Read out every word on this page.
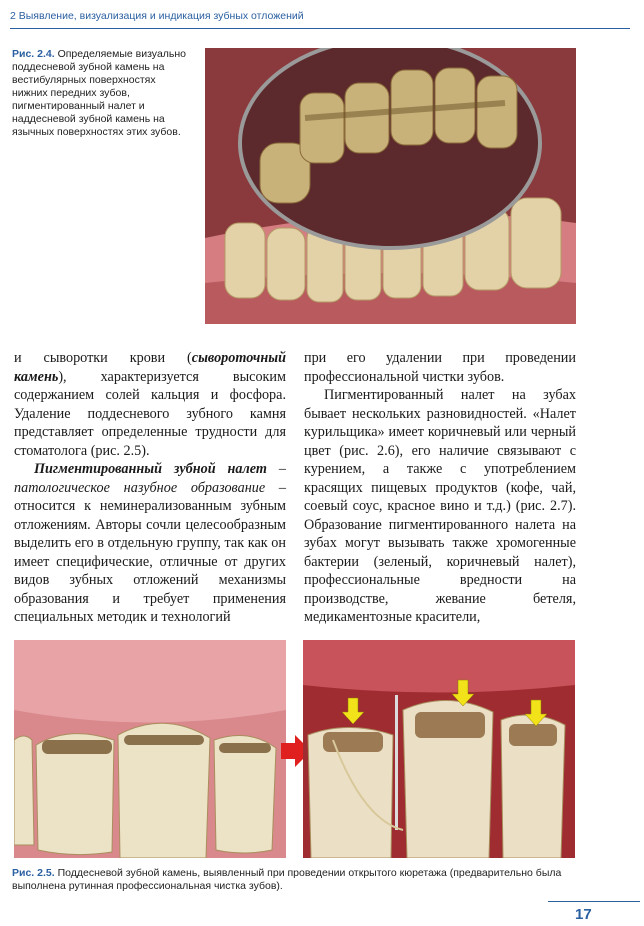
2 Выявление, визуализация и индикация зубных отложений
Рис. 2.4. Определяемые визуально поддесневой зубной камень на вестибулярных поверхностях нижних передних зубов, пигментированный налет и наддесневой зубной камень на язычных поверхностях этих зубов.

и сыворотки крови (сывороточный камень), характеризуется высоким содержанием солей кальция и фосфора. Удаление поддесневого зубного камня представляет определенные трудности для стоматолога (рис. 2.5).

Пигментированный зубной налет – патологическое назубное образование – относится к неминерализованным зубным отложениям. Авторы сочли целесообразным выделить его в отдельную группу, так как он имеет специфические, отличные от других видов зубных отложений механизмы образования и требует применения специальных методик и технологий

при его удалении при проведении профессиональной чистки зубов.

Пигментированный налет на зубах бывает нескольких разновидностей. «Налет курильщика» имеет коричневый или черный цвет (рис. 2.6), его наличие связывают с курением, а также с употреблением красящих пищевых продуктов (кофе, чай, соевый соус, красное вино и т.д.) (рис. 2.7). Образование пигментированного налета на зубах могут вызывать также хромогенные бактерии (зеленый, коричневый налет), профессиональные вредности на производстве, жевание бетеля, медикаментозные красители,

Рис. 2.5. Поддесневой зубной камень, выявленный при проведении открытого кюретажа (предварительно была выполнена рутинная профессиональная чистка зубов).
17
